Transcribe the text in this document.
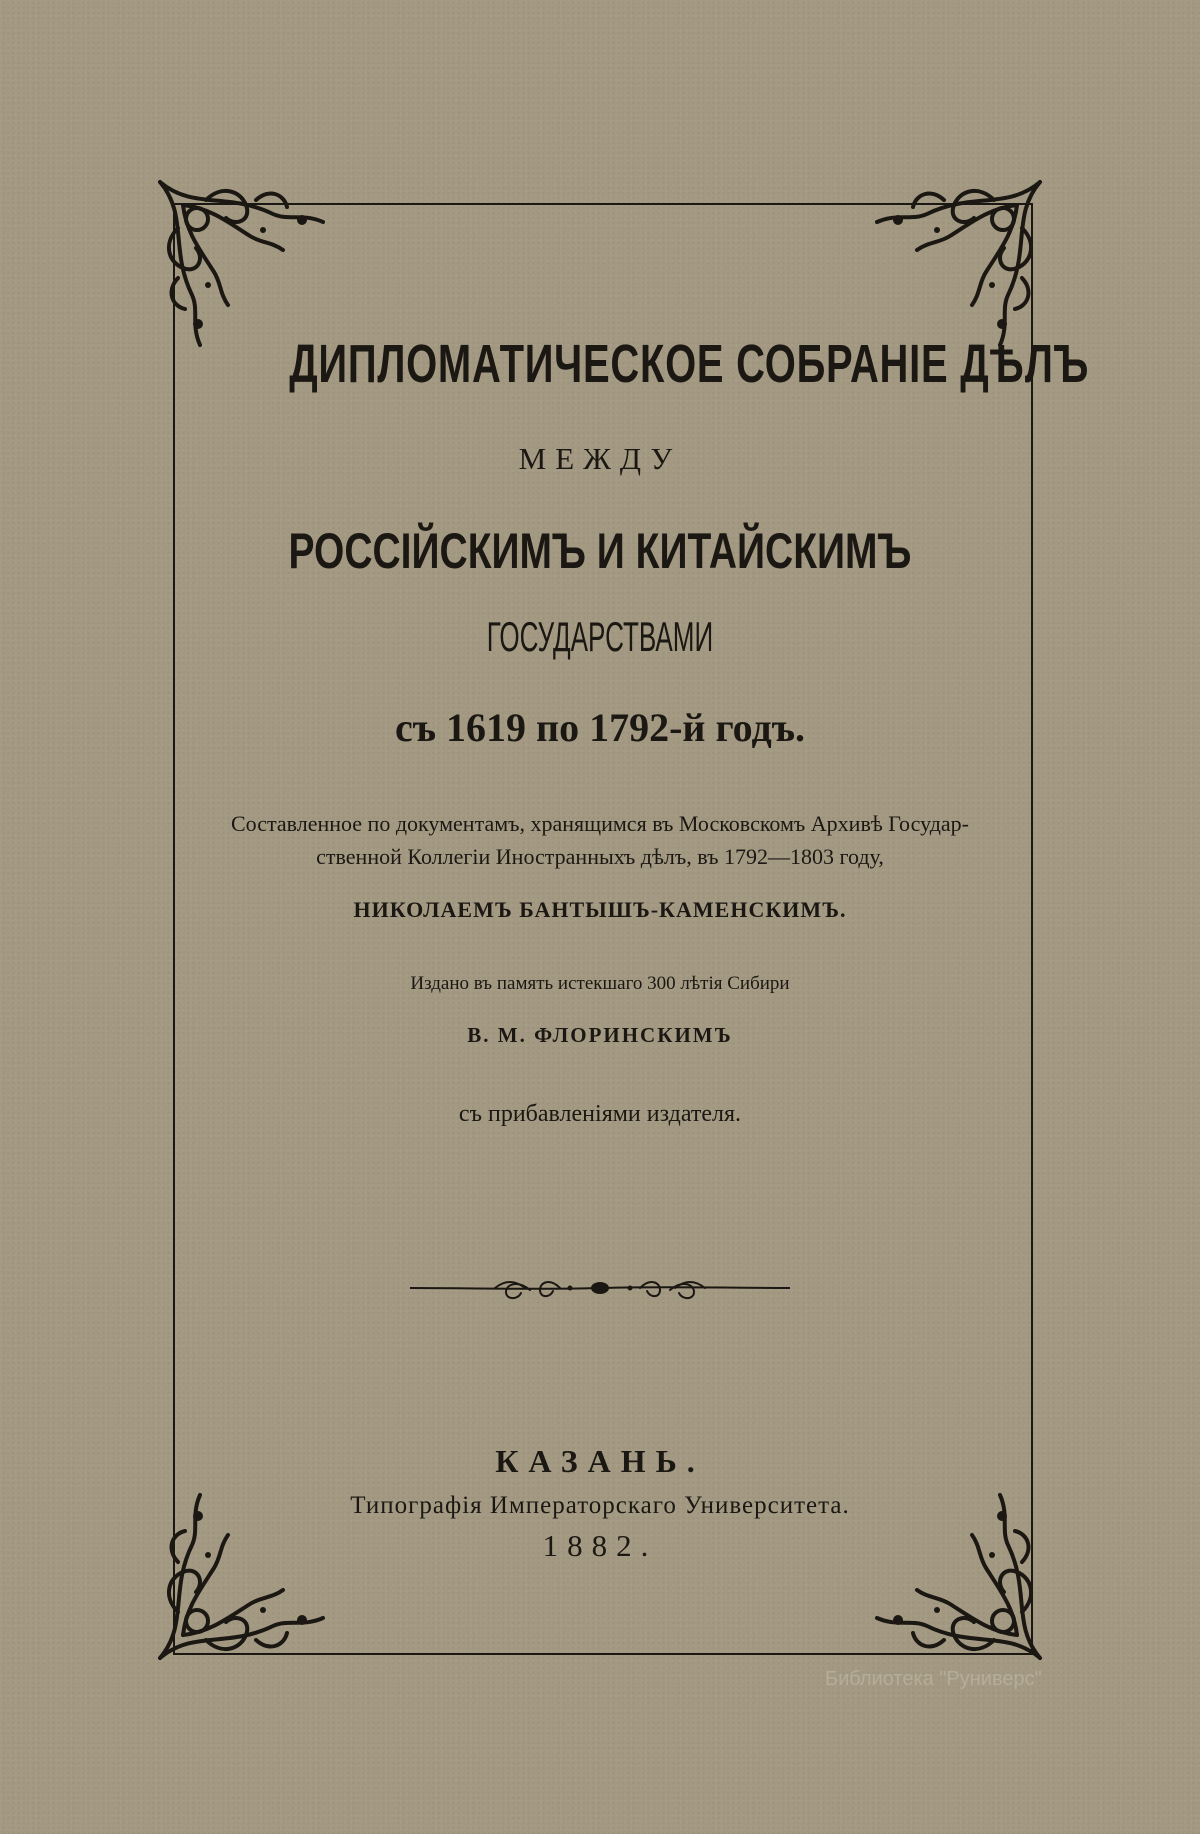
ДИПЛОМАТИЧЕСКОЕ СОБРАНІЕ ДѢЛЪ
МЕЖДУ
РОССІЙСКИМЪ И КИТАЙСКИМЪ
ГОСУДАРСТВАМИ
съ 1619 по 1792-й годъ.
Составленное по документамъ, хранящимся въ Московскомъ Архивѣ Государ-
ственной Коллегіи Иностранныхъ дѣлъ, въ 1792—1803 году,
НИКОЛАЕМЪ БАНТЫШЪ-КАМЕНСКИМЪ.
Издано въ память истекшаго 300 лѣтія Сибири
В. М. ФЛОРИНСКИМЪ
съ прибавленіями издателя.
КАЗАНЬ.
Типографія Императорскаго Университета.
1882.
Библиотека "Руниверс"
